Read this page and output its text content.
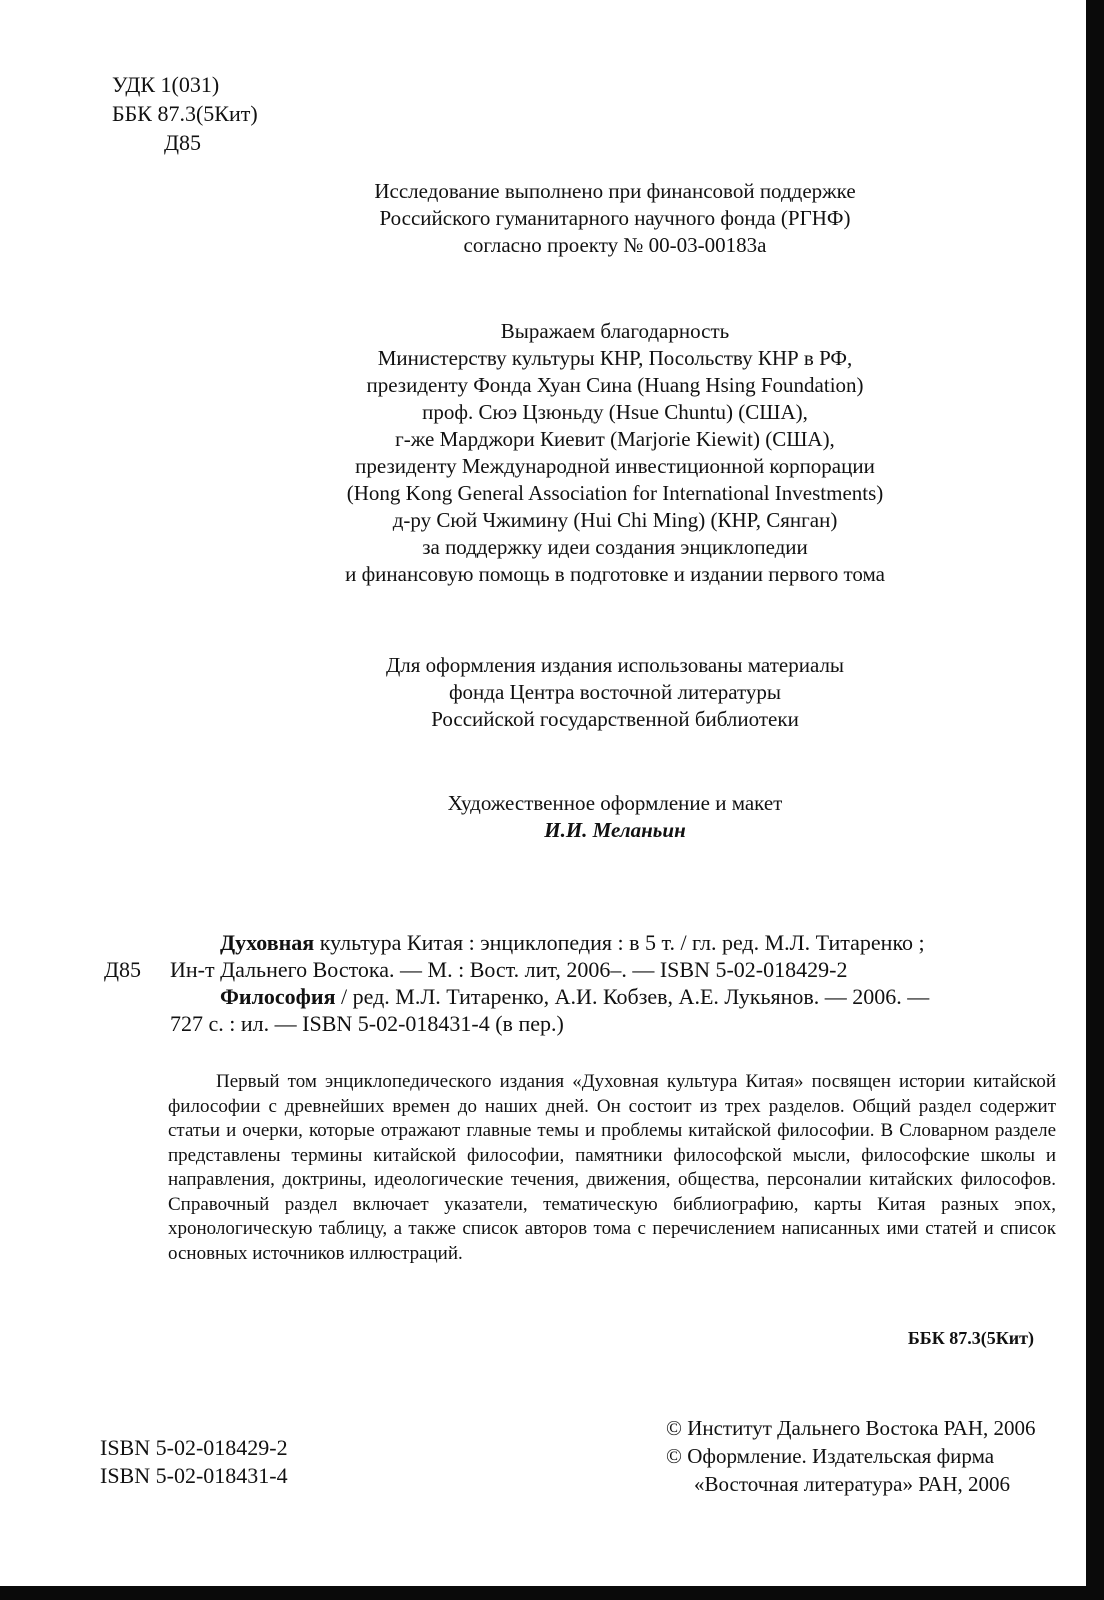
УДК 1(031)
ББК 87.3(5Кит)
Д85
Исследование выполнено при финансовой поддержке
Российского гуманитарного научного фонда (РГНФ)
согласно проекту № 00-03-00183а
Выражаем благодарность
Министерству культуры КНР, Посольству КНР в РФ,
президенту Фонда Хуан Сина (Huang Hsing Foundation)
проф. Сюэ Цзюньду (Hsue Chuntu) (США),
г-же Марджори Киевит (Marjorie Kiewit) (США),
президенту Международной инвестиционной корпорации
(Hong Kong General Association for International Investments)
д-ру Сюй Чжимину (Hui Chi Ming) (КНР, Сянган)
за поддержку идеи создания энциклопедии
и финансовую помощь в подготовке и издании первого тома
Для оформления издания использованы материалы
фонда Центра восточной литературы
Российской государственной библиотеки
Художественное оформление и макет
И.И. Меланьин
Духовная культура Китая : энциклопедия : в 5 т. / гл. ред. М.Л. Титаренко ;
Д85 Ин-т Дальнего Востока. — М. : Вост. лит, 2006–. — ISBN 5-02-018429-2
Философия / ред. М.Л. Титаренко, А.И. Кобзев, А.Е. Лукьянов. — 2006. —
727 с. : ил. — ISBN 5-02-018431-4 (в пер.)

Первый том энциклопедического издания «Духовная культура Китая» посвящен истории китайской философии с древнейших времен до наших дней. Он состоит из трех разделов. Общий раздел содержит статьи и очерки, которые отражают главные темы и проблемы китайской философии. В Словарном разделе представлены термины китайской философии, памятники философской мысли, философские школы и направления, доктрины, идеологические течения, движения, общества, персоналии китайских философов. Справочный раздел включает указатели, тематическую библиографию, карты Китая разных эпох, хронологическую таблицу, а также список авторов тома с перечислением написанных ими статей и список основных источников иллюстраций.

ББК 87.3(5Кит)
ISBN 5-02-018429-2
ISBN 5-02-018431-4
© Институт Дальнего Востока РАН, 2006
© Оформление. Издательская фирма
«Восточная литература» РАН, 2006
